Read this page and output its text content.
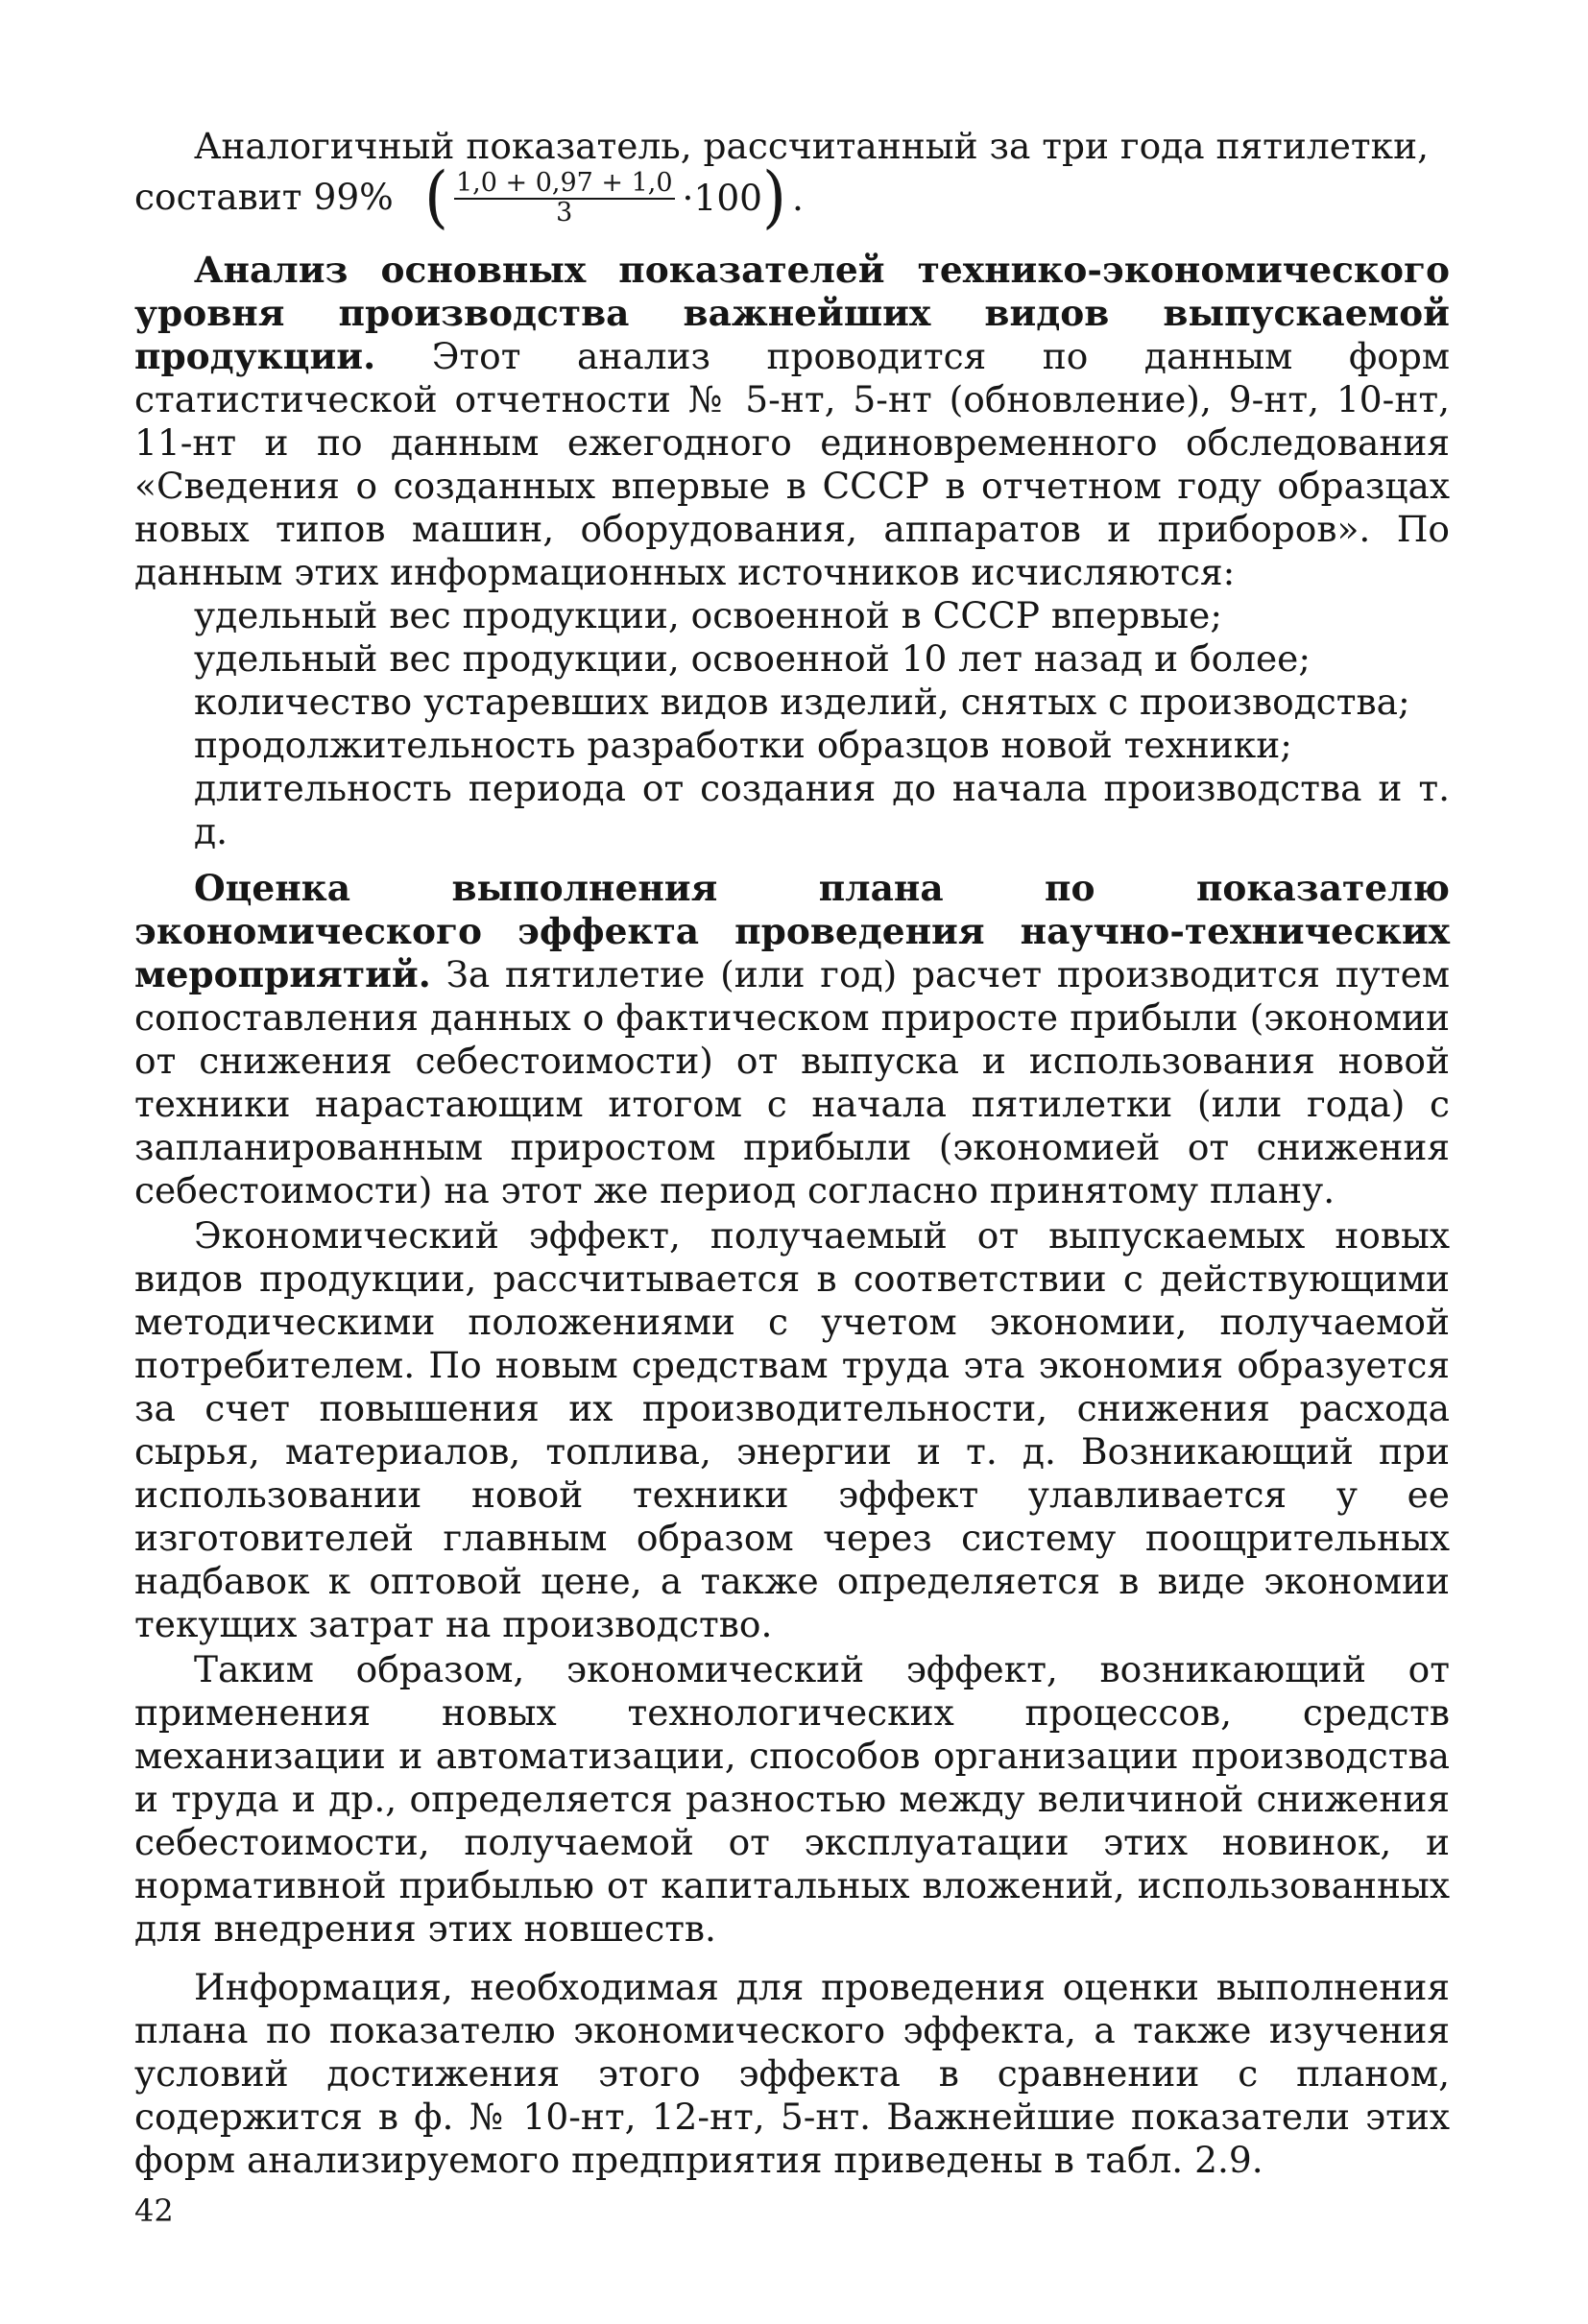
Аналогичный показатель, рассчитанный за три года пятилетки,

составит 99% ( $\frac{1,0 + 0,97 + 1,0}{3} \cdot 100$ ) .

Анализ основных показателей технико-экономического уровня производства важнейших видов выпускаемой продукции. Этот анализ проводится по данным форм статистической отчетности № 5-нт, 5-нт (обновление), 9-нт, 10-нт, 11-нт и по данным ежегодного единовременного обследования «Сведения о созданных впервые в СССР в отчетном году образцах новых типов машин, оборудования, аппаратов и приборов». По данным этих информационных источников исчисляются:

удельный вес продукции, освоенной в СССР впервые;

удельный вес продукции, освоенной 10 лет назад и более;

количество устаревших видов изделий, снятых с производства;

продолжительность разработки образцов новой техники;

длительность периода от создания до начала производства и т. д.

Оценка выполнения плана по показателю экономического эффекта проведения научно-технических мероприятий. За пятилетие (или год) расчет производится путем сопоставления данных о фактическом приросте прибыли (экономии от снижения себестоимости) от выпуска и использования новой техники нарастающим итогом с начала пятилетки (или года) с запланированным приростом прибыли (экономией от снижения себестоимости) на этот же период согласно принятому плану.

Экономический эффект, получаемый от выпускаемых новых видов продукции, рассчитывается в соответствии с действующими методическими положениями с учетом экономии, получаемой потребителем. По новым средствам труда эта экономия образуется за счет повышения их производительности, снижения расхода сырья, материалов, топлива, энергии и т. д. Возникающий при использовании новой техники эффект улавливается у ее изготовителей главным образом через систему поощрительных надбавок к оптовой цене, а также определяется в виде экономии текущих затрат на производство.

Таким образом, экономический эффект, возникающий от применения новых технологических процессов, средств механизации и автоматизации, способов организации производства и труда и др., определяется разностью между величиной снижения себестоимости, получаемой от эксплуатации этих новинок, и нормативной прибылью от капитальных вложений, использованных для внедрения этих новшеств.

Информация, необходимая для проведения оценки выполнения плана по показателю экономического эффекта, а также изучения условий достижения этого эффекта в сравнении с планом, содержится в ф. № 10-нт, 12-нт, 5-нт. Важнейшие показатели этих форм анализируемого предприятия приведены в табл. 2.9.

42
